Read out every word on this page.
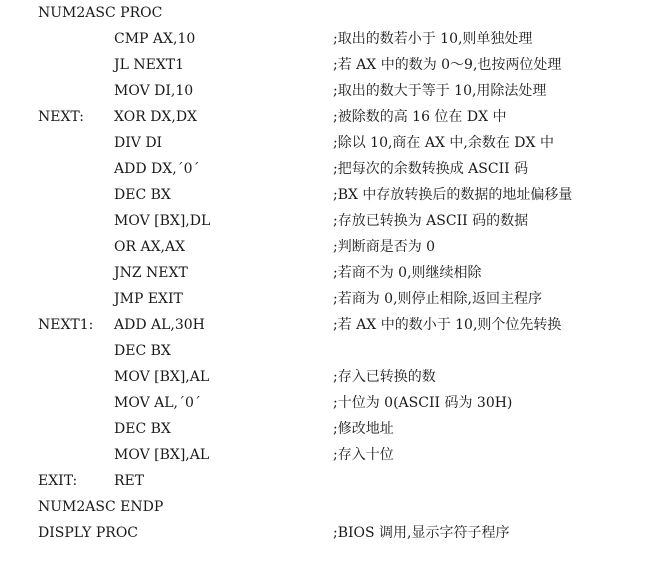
NUM2ASC PROC
CMP AX,10	;取出的数若小于 10,则单独处理
JL NEXT1	;若 AX 中的数为 0～9,也按两位处理
MOV DI,10	;取出的数大于等于 10,用除法处理
NEXT: XOR DX,DX	;被除数的高 16 位在 DX 中
DIV DI	;除以 10,商在 AX 中,余数在 DX 中
ADD DX,´0´	;把每次的余数转换成 ASCII 码
DEC BX	;BX 中存放转换后的数据的地址偏移量
MOV [BX],DL	;存放已转换为 ASCII 码的数据
OR AX,AX	;判断商是否为 0
JNZ NEXT	;若商不为 0,则继续相除
JMP EXIT	;若商为 0,则停止相除,返回主程序
NEXT1: ADD AL,30H	;若 AX 中的数小于 10,则个位先转换
DEC BX
MOV [BX],AL	;存入已转换的数
MOV AL,´0´	;十位为 0(ASCII 码为 30H)
DEC BX	;修改地址
MOV [BX],AL	;存入十位
EXIT:	RET
NUM2ASC ENDP
DISPLY PROC	;BIOS 调用,显示字符子程序
